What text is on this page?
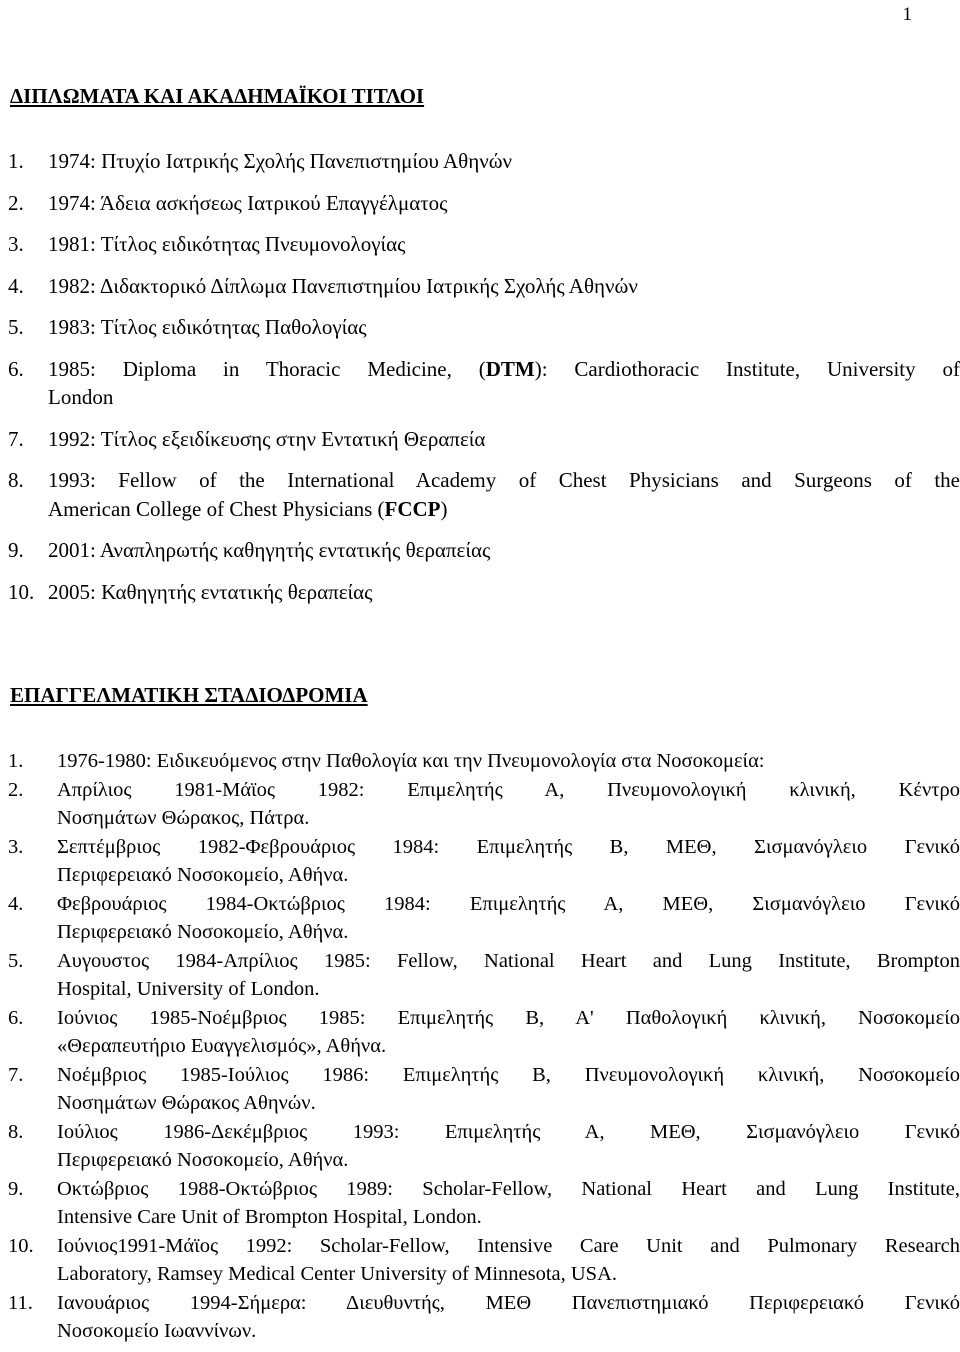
1
ΔΙΠΛΩΜΑΤΑ ΚΑΙ ΑΚΑΔΗΜΑΪΚΟΙ ΤΙΤΛΟΙ
1. 1974: Πτυχίο Ιατρικής Σχολής Πανεπιστημίου Αθηνών
2. 1974: Άδεια ασκήσεως Ιατρικού Επαγγέλματος
3. 1981: Τίτλος ειδικότητας Πνευμονολογίας
4. 1982: Διδακτορικό Δίπλωμα Πανεπιστημίου Ιατρικής Σχολής Αθηνών
5. 1983: Τίτλος ειδικότητας Παθολογίας
6. 1985: Diploma in Thoracic Medicine, (DTM): Cardiothoracic Institute, University of
London
7. 1992: Τίτλος εξειδίκευσης στην Εντατική Θεραπεία
8. 1993: Fellow of the International Academy of Chest Physicians and Surgeons of the
American College of Chest Physicians (FCCP)
9. 2001: Αναπληρωτής καθηγητής εντατικής θεραπείας
10. 2005: Καθηγητής εντατικής θεραπείας
ΕΠΑΓΓΕΛΜΑΤΙΚΗ ΣΤΑΔΙΟΔΡΟΜΙΑ
1. 1976-1980: Ειδικευόμενος στην Παθολογία και την Πνευμονολογία στα Νοσοκομεία:
2. Απρίλιος 1981-Μάϊος 1982: Επιμελητής Α, Πνευμονολογική κλινική, Κέντρο
Νοσημάτων Θώρακος, Πάτρα.
3. Σεπτέμβριος 1982-Φεβρουάριος 1984: Επιμελητής Β, ΜΕΘ, Σισμανόγλειο Γενικό
Περιφερειακό Νοσοκομείο, Αθήνα.
4. Φεβρουάριος 1984-Οκτώβριος 1984: Επιμελητής Α, ΜΕΘ, Σισμανόγλειο Γενικό
Περιφερειακό Νοσοκομείο, Αθήνα.
5. Αυγουστος 1984-Απρίλιος 1985: Fellow, National Heart and Lung Institute, Brompton
Hospital, University of London.
6. Ιούνιος 1985-Νοέμβριος 1985: Επιμελητής Β, Α' Παθολογική κλινική, Νοσοκομείο
«Θεραπευτήριο Ευαγγελισμός», Αθήνα.
7. Νοέμβριος 1985-Ιούλιος 1986: Επιμελητής Β, Πνευμονολογική κλινική, Νοσοκομείο
Νοσημάτων Θώρακος Αθηνών.
8. Ιούλιος 1986-Δεκέμβριος 1993: Επιμελητής Α, ΜΕΘ, Σισμανόγλειο Γενικό
Περιφερειακό Νοσοκομείο, Αθήνα.
9. Οκτώβριος 1988-Οκτώβριος 1989: Scholar-Fellow, National Heart and Lung Institute,
Intensive Care Unit of Brompton Hospital, London.
10. Ιούνιος1991-Μάϊος 1992: Scholar-Fellow, Intensive Care Unit and Pulmonary Research
Laboratory, Ramsey Medical Center University of Minnesota, USA.
11. Ιανουάριος 1994-Σήμερα: Διευθυντής, ΜΕΘ Πανεπιστημιακό Περιφερειακό Γενικό
Νοσοκομείο Ιωαννίνων.
